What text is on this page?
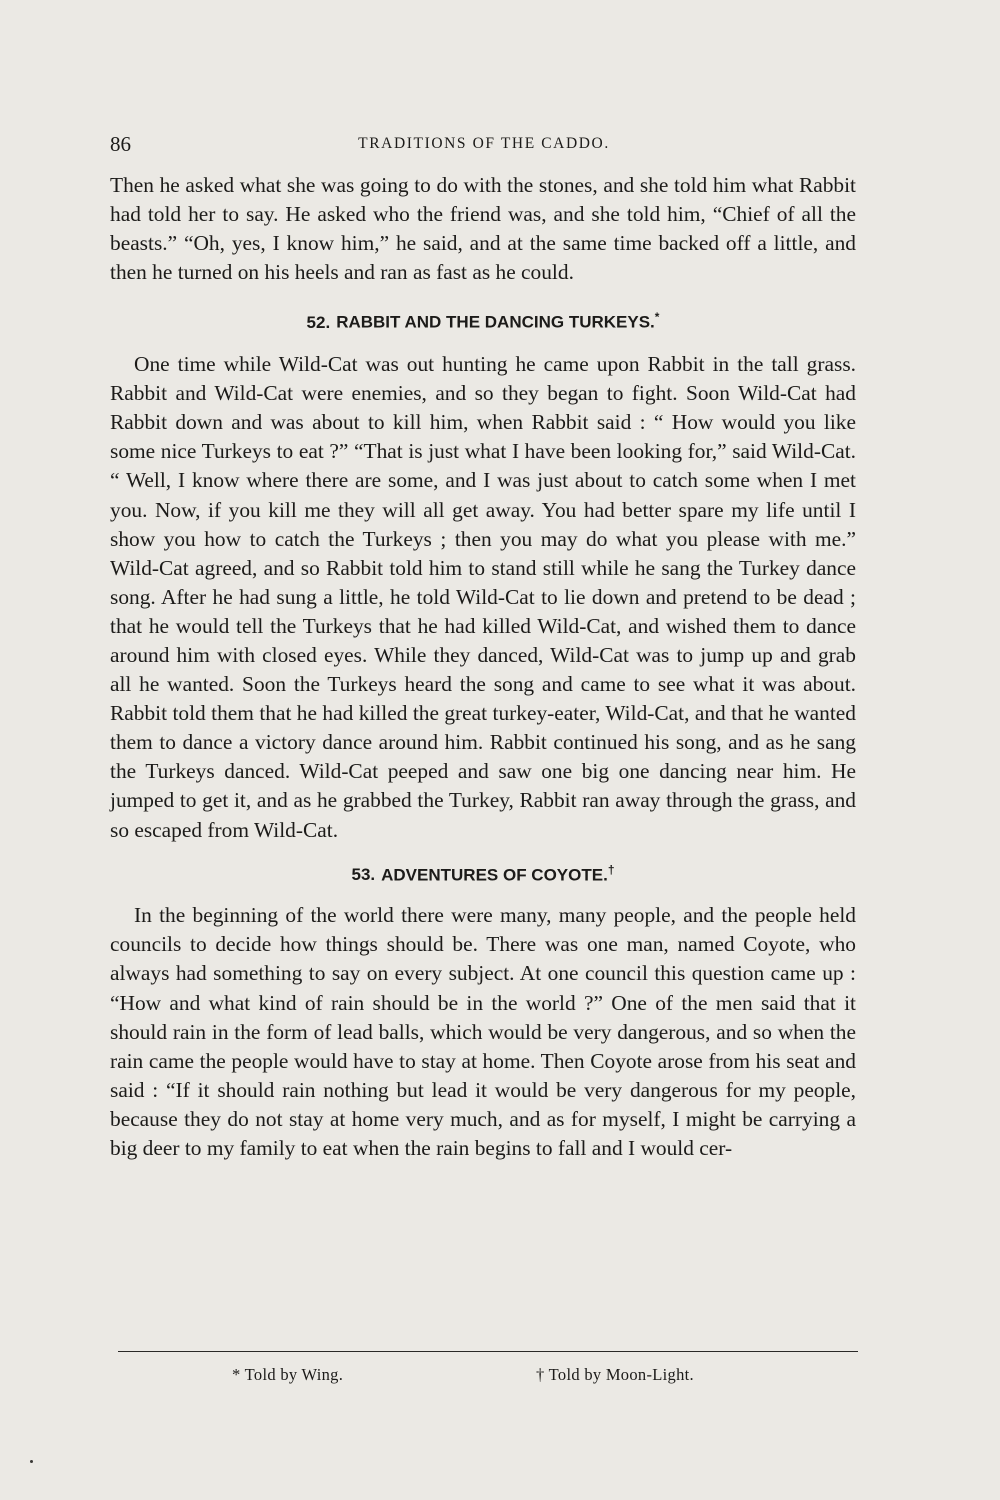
86	TRADITIONS OF THE CADDO.

Then he asked what she was going to do with the stones, and she told him what Rabbit had told her to say. He asked who the friend was, and she told him, “Chief of all the beasts.” “Oh, yes, I know him,” he said, and at the same time backed off a little, and then he turned on his heels and ran as fast as he could.

52. RABBIT AND THE DANCING TURKEYS.*

One time while Wild-Cat was out hunting he came upon Rabbit in the tall grass. Rabbit and Wild-Cat were enemies, and so they began to fight. Soon Wild-Cat had Rabbit down and was about to kill him, when Rabbit said : “ How would you like some nice Turkeys to eat ?” “That is just what I have been looking for,” said Wild-Cat. “ Well, I know where there are some, and I was just about to catch some when I met you. Now, if you kill me they will all get away. You had better spare my life until I show you how to catch the Turkeys ; then you may do what you please with me.” Wild-Cat agreed, and so Rabbit told him to stand still while he sang the Turkey dance song. After he had sung a little, he told Wild-Cat to lie down and pretend to be dead ; that he would tell the Turkeys that he had killed Wild-Cat, and wished them to dance around him with closed eyes. While they danced, Wild-Cat was to jump up and grab all he wanted. Soon the Turkeys heard the song and came to see what it was about. Rabbit told them that he had killed the great turkey-eater, Wild-Cat, and that he wanted them to dance a victory dance around him. Rabbit continued his song, and as he sang the Turkeys danced. Wild-Cat peeped and saw one big one dancing near him. He jumped to get it, and as he grabbed the Turkey, Rabbit ran away through the grass, and so escaped from Wild-Cat.

53. ADVENTURES OF COYOTE.†

In the beginning of the world there were many, many people, and the people held councils to decide how things should be. There was one man, named Coyote, who always had something to say on every subject. At one council this question came up : “How and what kind of rain should be in the world ?” One of the men said that it should rain in the form of lead balls, which would be very dangerous, and so when the rain came the people would have to stay at home. Then Coyote arose from his seat and said : “If it should rain nothing but lead it would be very dangerous for my people, because they do not stay at home very much, and as for myself, I might be carrying a big deer to my family to eat when the rain begins to fall and I would cer-

* Told by Wing.	† Told by Moon-Light.
